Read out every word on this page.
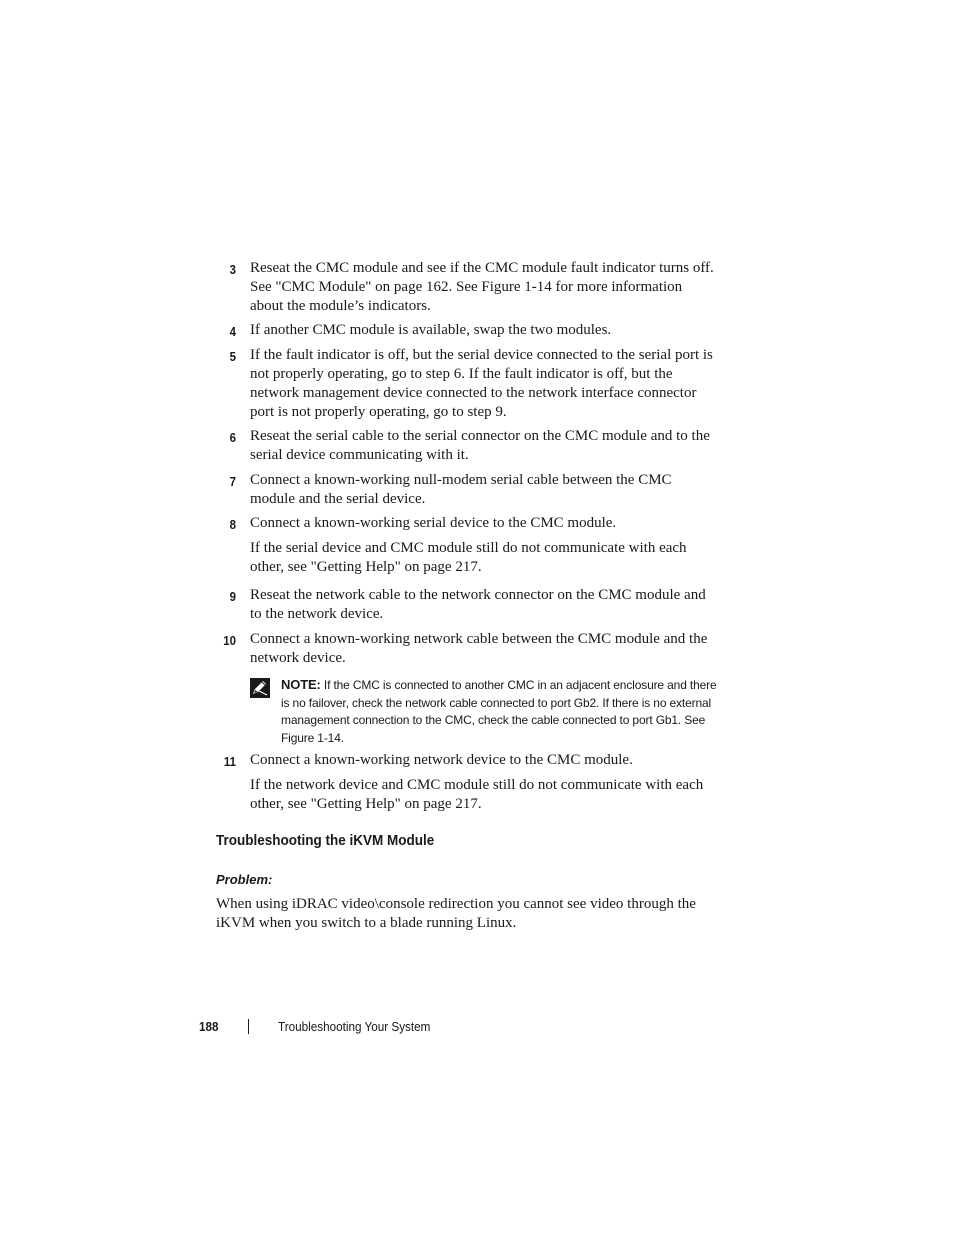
3 Reseat the CMC module and see if the CMC module fault indicator turns off. See "CMC Module" on page 162. See Figure 1-14 for more information about the module’s indicators.
4 If another CMC module is available, swap the two modules.
5 If the fault indicator is off, but the serial device connected to the serial port is not properly operating, go to step 6. If the fault indicator is off, but the network management device connected to the network interface connector port is not properly operating, go to step 9.
6 Reseat the serial cable to the serial connector on the CMC module and to the serial device communicating with it.
7 Connect a known-working null-modem serial cable between the CMC module and the serial device.
8 Connect a known-working serial device to the CMC module.
If the serial device and CMC module still do not communicate with each other, see "Getting Help" on page 217.
9 Reseat the network cable to the network connector on the CMC module and to the network device.
10 Connect a known-working network cable between the CMC module and the network device.
NOTE: If the CMC is connected to another CMC in an adjacent enclosure and there is no failover, check the network cable connected to port Gb2. If there is no external management connection to the CMC, check the cable connected to port Gb1. See Figure 1-14.
11 Connect a known-working network device to the CMC module.
If the network device and CMC module still do not communicate with each other, see "Getting Help" on page 217.
Troubleshooting the iKVM Module
Problem:
When using iDRAC video\console redirection you cannot see video through the iKVM when you switch to a blade running Linux.
188	Troubleshooting Your System
